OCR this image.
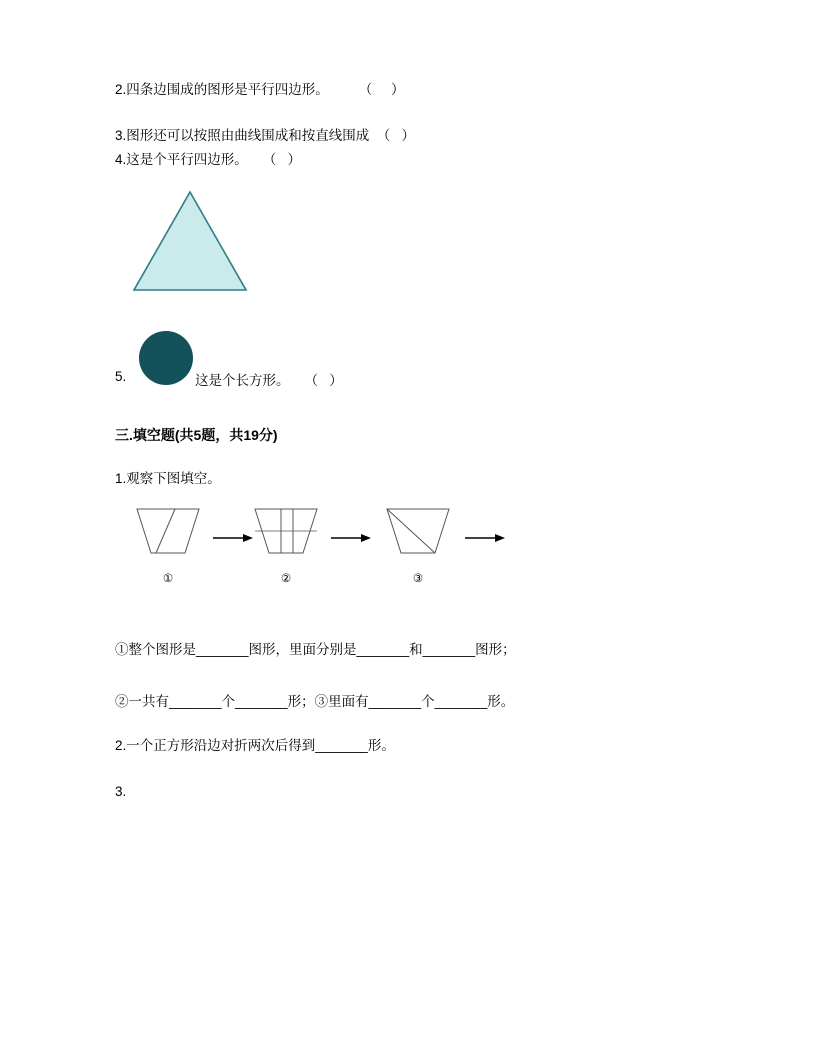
2.四条边围成的图形是平行四边形。        （     ）

3.图形还可以按照由曲线围成和按直线围成  （   ）

4.这是个平行四边形。    （   ）

5.	这是个长方形。    （   ）
三.填空题(共5题，共19分)
1.观察下图填空。
①	②	③

①整个图形是_______图形，里面分别是_______和_______图形；

②一共有_______个_______形；③里面有_______个_______形。

2.一个正方形沿边对折两次后得到_______形。

3.
